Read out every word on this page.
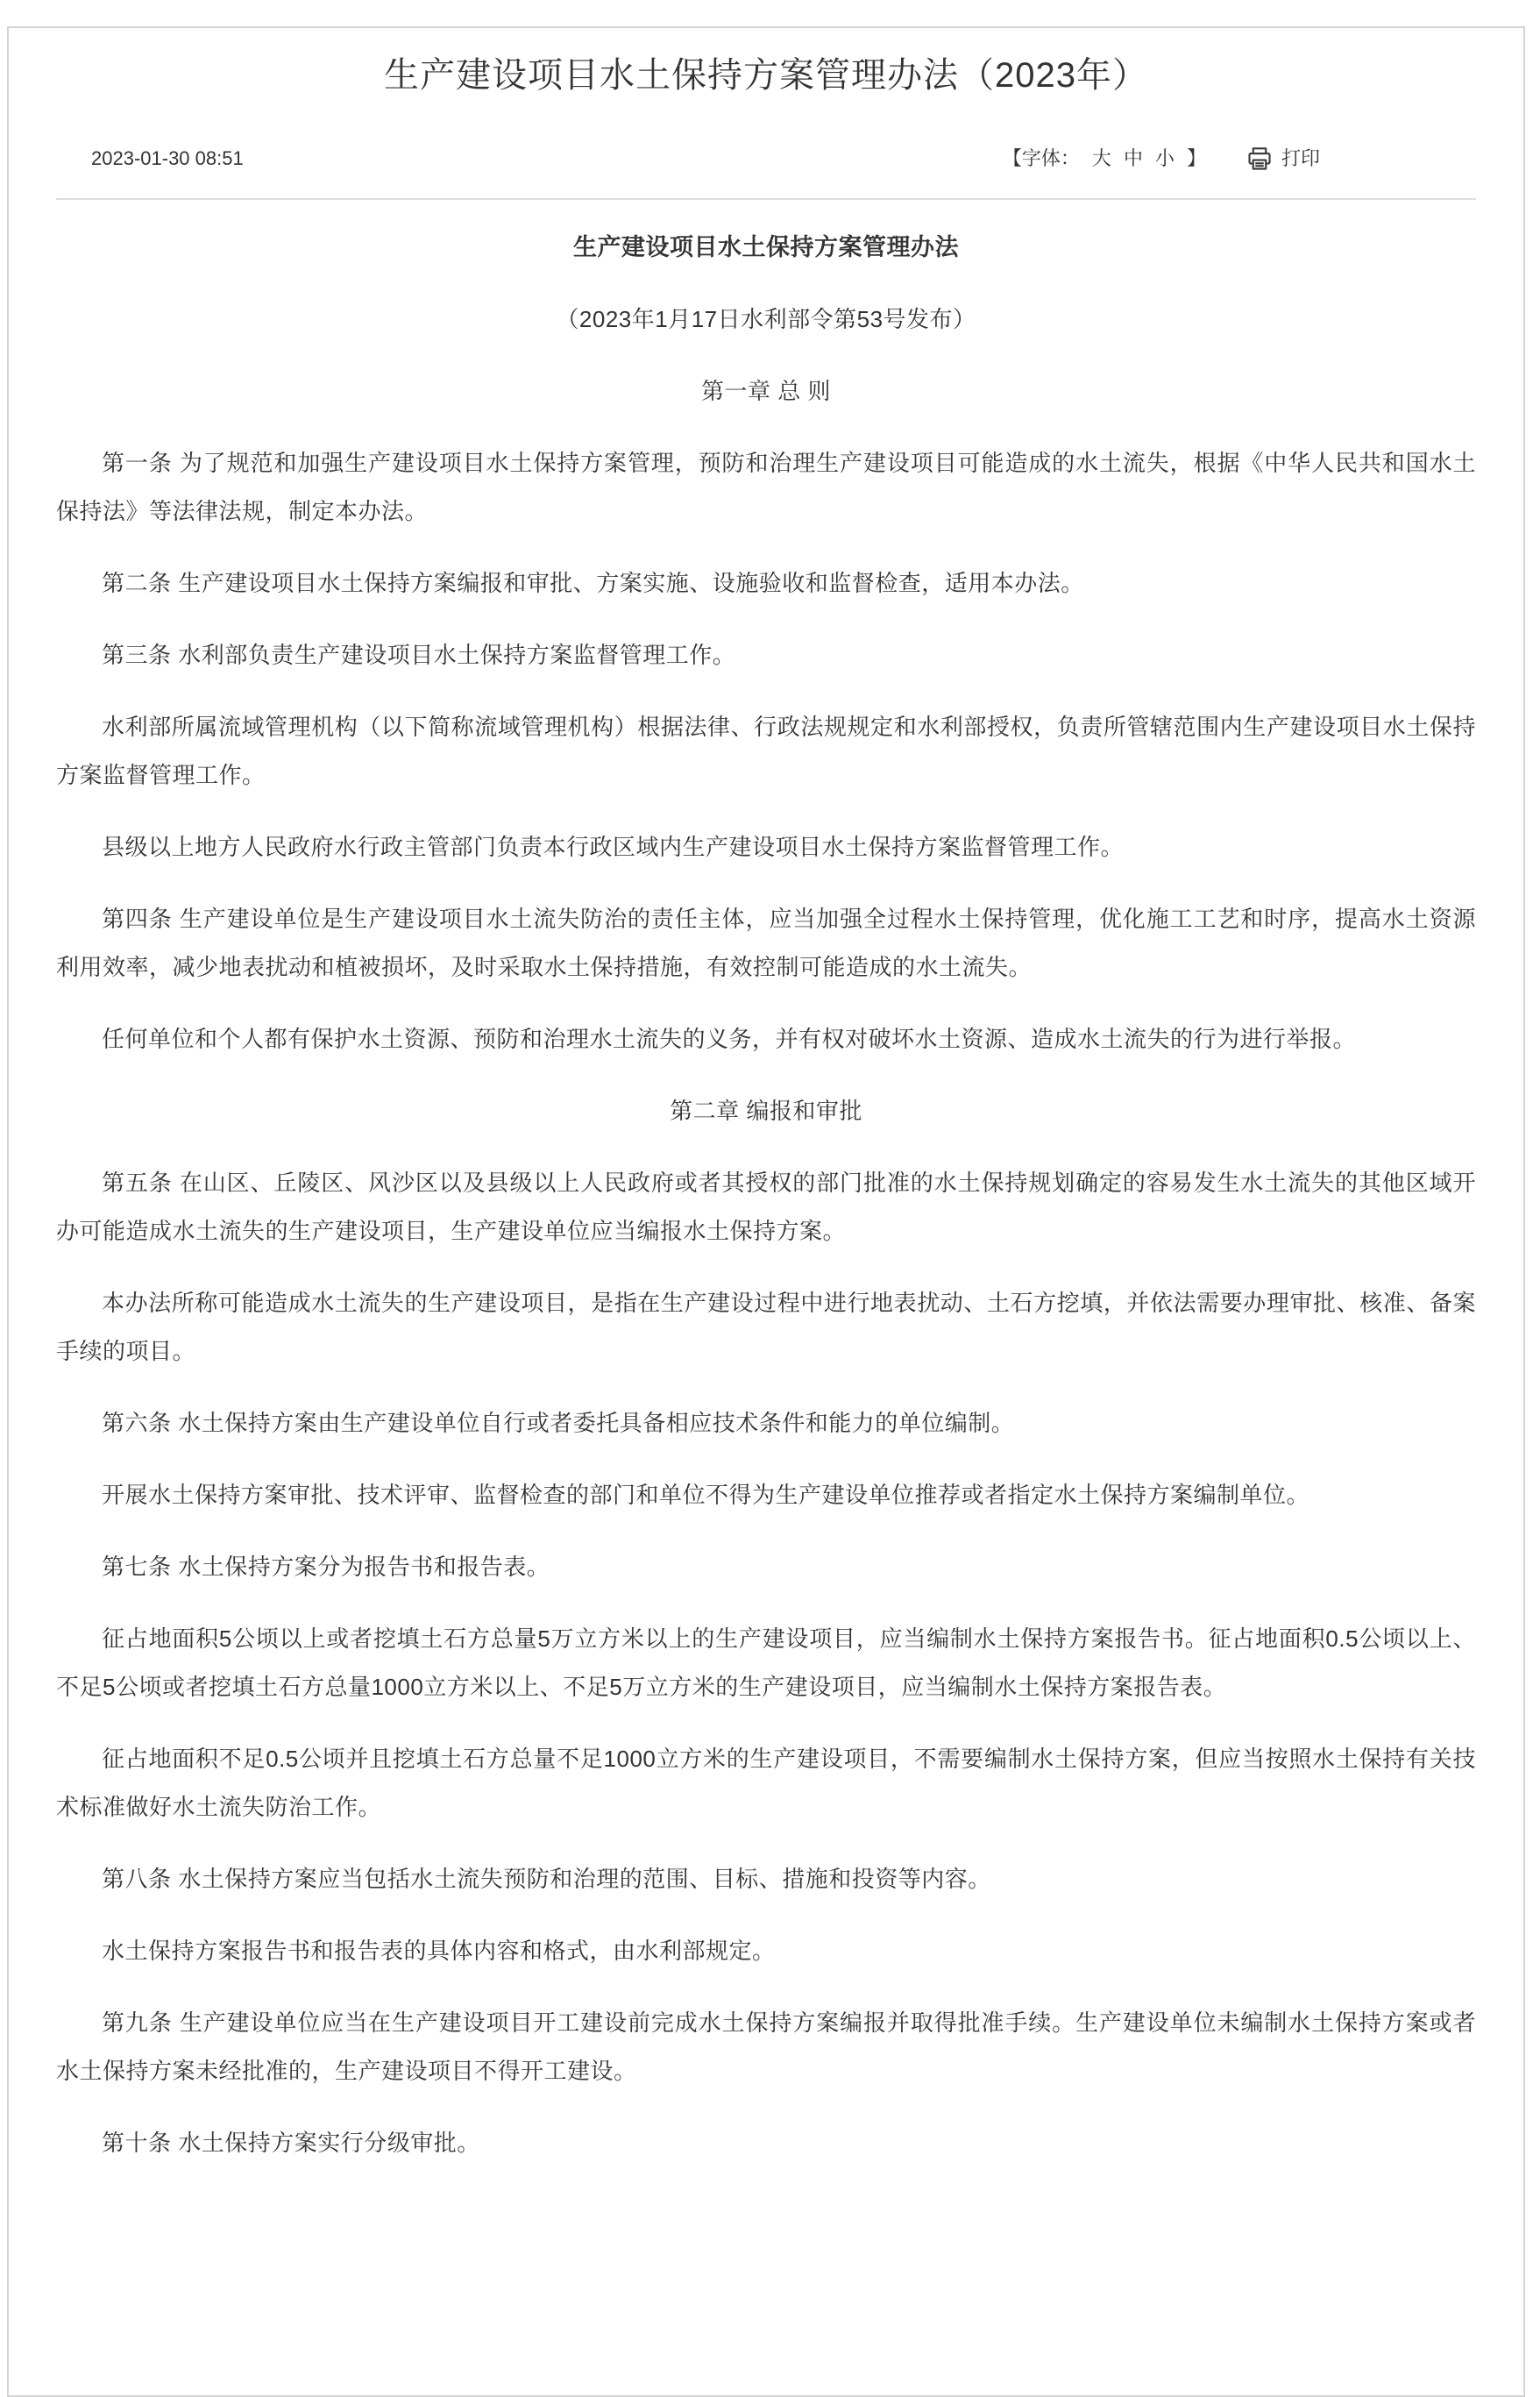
生产建设项目水土保持方案管理办法（2023年）
2023-01-30 08:51	【字体： 大 中 小 】	打印

生产建设项目水土保持方案管理办法

（2023年1月17日水利部令第53号发布）

第一章 总 则

第一条 为了规范和加强生产建设项目水土保持方案管理，预防和治理生产建设项目可能造成的水土流失，根据《中华人民共和国水土保持法》等法律法规，制定本办法。

第二条 生产建设项目水土保持方案编报和审批、方案实施、设施验收和监督检查，适用本办法。

第三条 水利部负责生产建设项目水土保持方案监督管理工作。

水利部所属流域管理机构（以下简称流域管理机构）根据法律、行政法规规定和水利部授权，负责所管辖范围内生产建设项目水土保持方案监督管理工作。

县级以上地方人民政府水行政主管部门负责本行政区域内生产建设项目水土保持方案监督管理工作。

第四条 生产建设单位是生产建设项目水土流失防治的责任主体，应当加强全过程水土保持管理，优化施工工艺和时序，提高水土资源利用效率，减少地表扰动和植被损坏，及时采取水土保持措施，有效控制可能造成的水土流失。

任何单位和个人都有保护水土资源、预防和治理水土流失的义务，并有权对破坏水土资源、造成水土流失的行为进行举报。

第二章 编报和审批

第五条 在山区、丘陵区、风沙区以及县级以上人民政府或者其授权的部门批准的水土保持规划确定的容易发生水土流失的其他区域开办可能造成水土流失的生产建设项目，生产建设单位应当编报水土保持方案。

本办法所称可能造成水土流失的生产建设项目，是指在生产建设过程中进行地表扰动、土石方挖填，并依法需要办理审批、核准、备案手续的项目。

第六条 水土保持方案由生产建设单位自行或者委托具备相应技术条件和能力的单位编制。

开展水土保持方案审批、技术评审、监督检查的部门和单位不得为生产建设单位推荐或者指定水土保持方案编制单位。

第七条 水土保持方案分为报告书和报告表。

征占地面积5公顷以上或者挖填土石方总量5万立方米以上的生产建设项目，应当编制水土保持方案报告书。征占地面积0.5公顷以上、不足5公顷或者挖填土石方总量1000立方米以上、不足5万立方米的生产建设项目，应当编制水土保持方案报告表。

征占地面积不足0.5公顷并且挖填土石方总量不足1000立方米的生产建设项目，不需要编制水土保持方案，但应当按照水土保持有关技术标准做好水土流失防治工作。

第八条 水土保持方案应当包括水土流失预防和治理的范围、目标、措施和投资等内容。

水土保持方案报告书和报告表的具体内容和格式，由水利部规定。

第九条 生产建设单位应当在生产建设项目开工建设前完成水土保持方案编报并取得批准手续。生产建设单位未编制水土保持方案或者水土保持方案未经批准的，生产建设项目不得开工建设。

第十条 水土保持方案实行分级审批。
